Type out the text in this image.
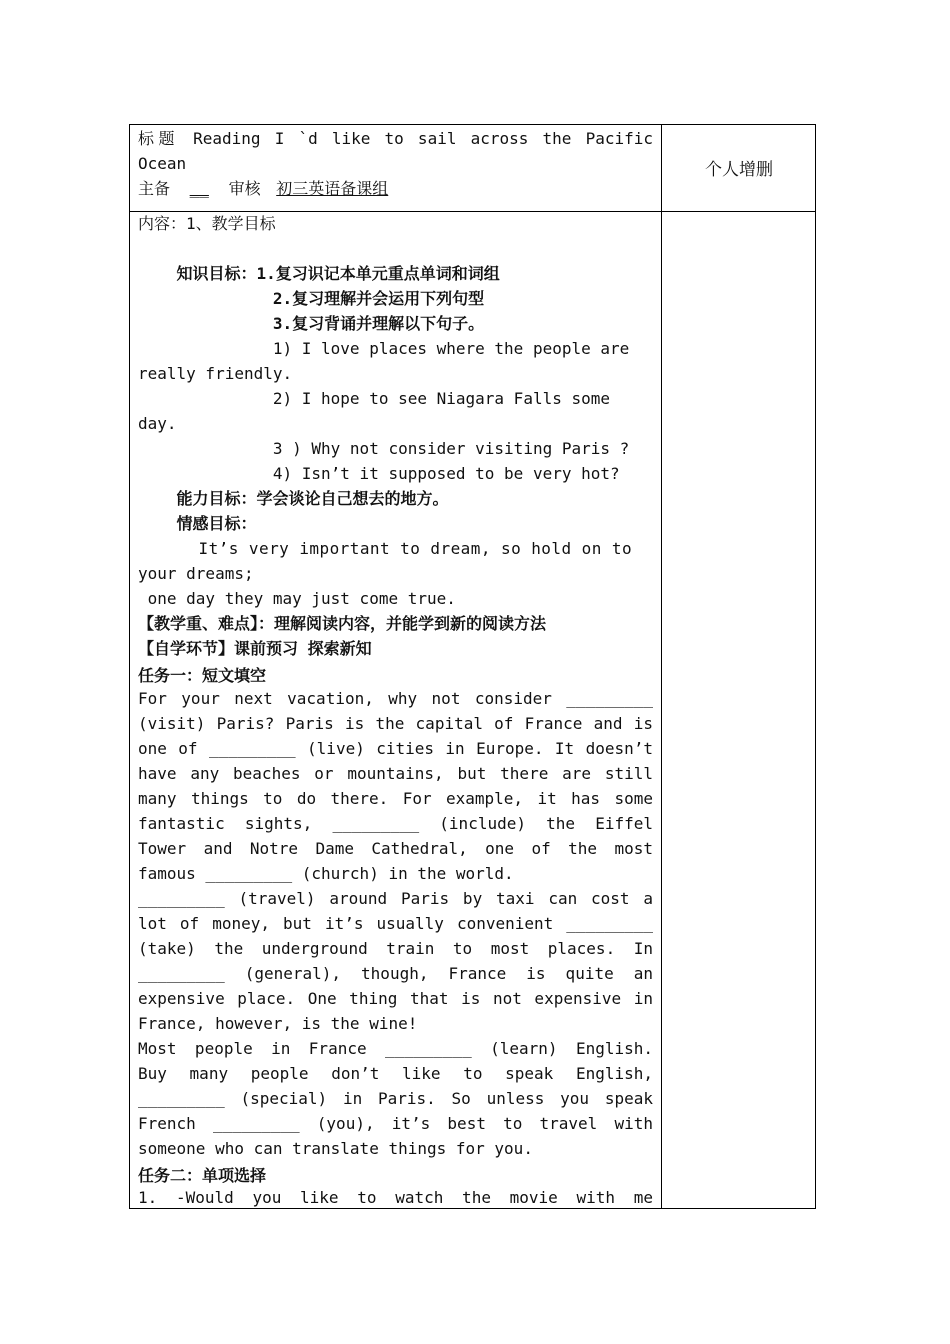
标题 Reading I `d like to sail across the Pacific
Ocean
主备 __ 审核 初三英语备课组
个人增删
内容：1、教学目标
知识目标：1.复习识记本单元重点单词和词组
2.复习理解并会运用下列句型
3.复习背诵并理解以下句子。
1) I love places where the people are
really friendly.
2) I hope to see Niagara Falls some
day.
3 ) Why not consider visiting Paris ?
4) Isn’t it supposed to be very hot?
能力目标：学会谈论自己想去的地方。
情感目标：
It’s very important to dream, so hold on to
your dreams;
one day they may just come true.
【教学重、难点】：理解阅读内容，并能学到新的阅读方法
【自学环节】课前预习 探索新知
任务一：短文填空
For your next vacation, why not consider _________
(visit) Paris? Paris is the capital of France and is
one of _________ (live) cities in Europe. It doesn’t
have any beaches or mountains, but there are still
many things to do there. For example, it has some
fantastic sights, _________ (include) the Eiffel
Tower and Notre Dame Cathedral, one of the most
famous _________ (church) in the world.
_________ (travel) around Paris by taxi can cost a
lot of money, but it’s usually convenient _________
(take) the underground train to most places. In
_________ (general), though, France is quite an
expensive place. One thing that is not expensive in
France, however, is the wine!
Most people in France _________ (learn) English.
Buy many people don’t like to speak English,
_________ (special) in Paris. So unless you speak
French _________ (you), it’s best to travel with
someone who can translate things for you.
任务二：单项选择
1. -Would you like to watch the movie with me
